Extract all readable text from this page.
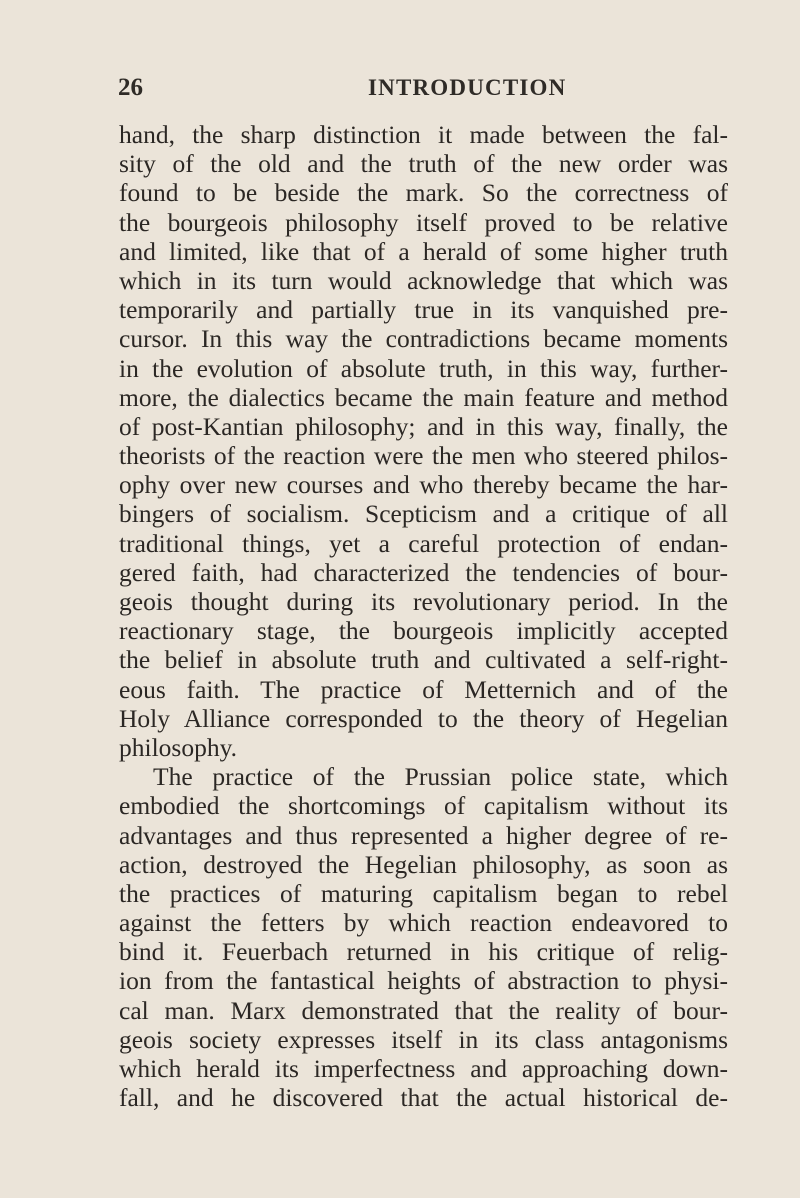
26	INTRODUCTION
hand, the sharp distinction it made between the fal-
sity of the old and the truth of the new order was
found to be beside the mark. So the correctness of
the bourgeois philosophy itself proved to be relative
and limited, like that of a herald of some higher truth
which in its turn would acknowledge that which was
temporarily and partially true in its vanquished pre-
cursor. In this way the contradictions became moments
in the evolution of absolute truth, in this way, further-
more, the dialectics became the main feature and method
of post-Kantian philosophy; and in this way, finally, the
theorists of the reaction were the men who steered philos-
ophy over new courses and who thereby became the har-
bingers of socialism. Scepticism and a critique of all
traditional things, yet a careful protection of endan-
gered faith, had characterized the tendencies of bour-
geois thought during its revolutionary period. In the
reactionary stage, the bourgeois implicitly accepted
the belief in absolute truth and cultivated a self-right-
eous faith. The practice of Metternich and of the
Holy Alliance corresponded to the theory of Hegelian
philosophy.
The practice of the Prussian police state, which
embodied the shortcomings of capitalism without its
advantages and thus represented a higher degree of re-
action, destroyed the Hegelian philosophy, as soon as
the practices of maturing capitalism began to rebel
against the fetters by which reaction endeavored to
bind it. Feuerbach returned in his critique of relig-
ion from the fantastical heights of abstraction to physi-
cal man. Marx demonstrated that the reality of bour-
geois society expresses itself in its class antagonisms
which herald its imperfectness and approaching down-
fall, and he discovered that the actual historical de-
